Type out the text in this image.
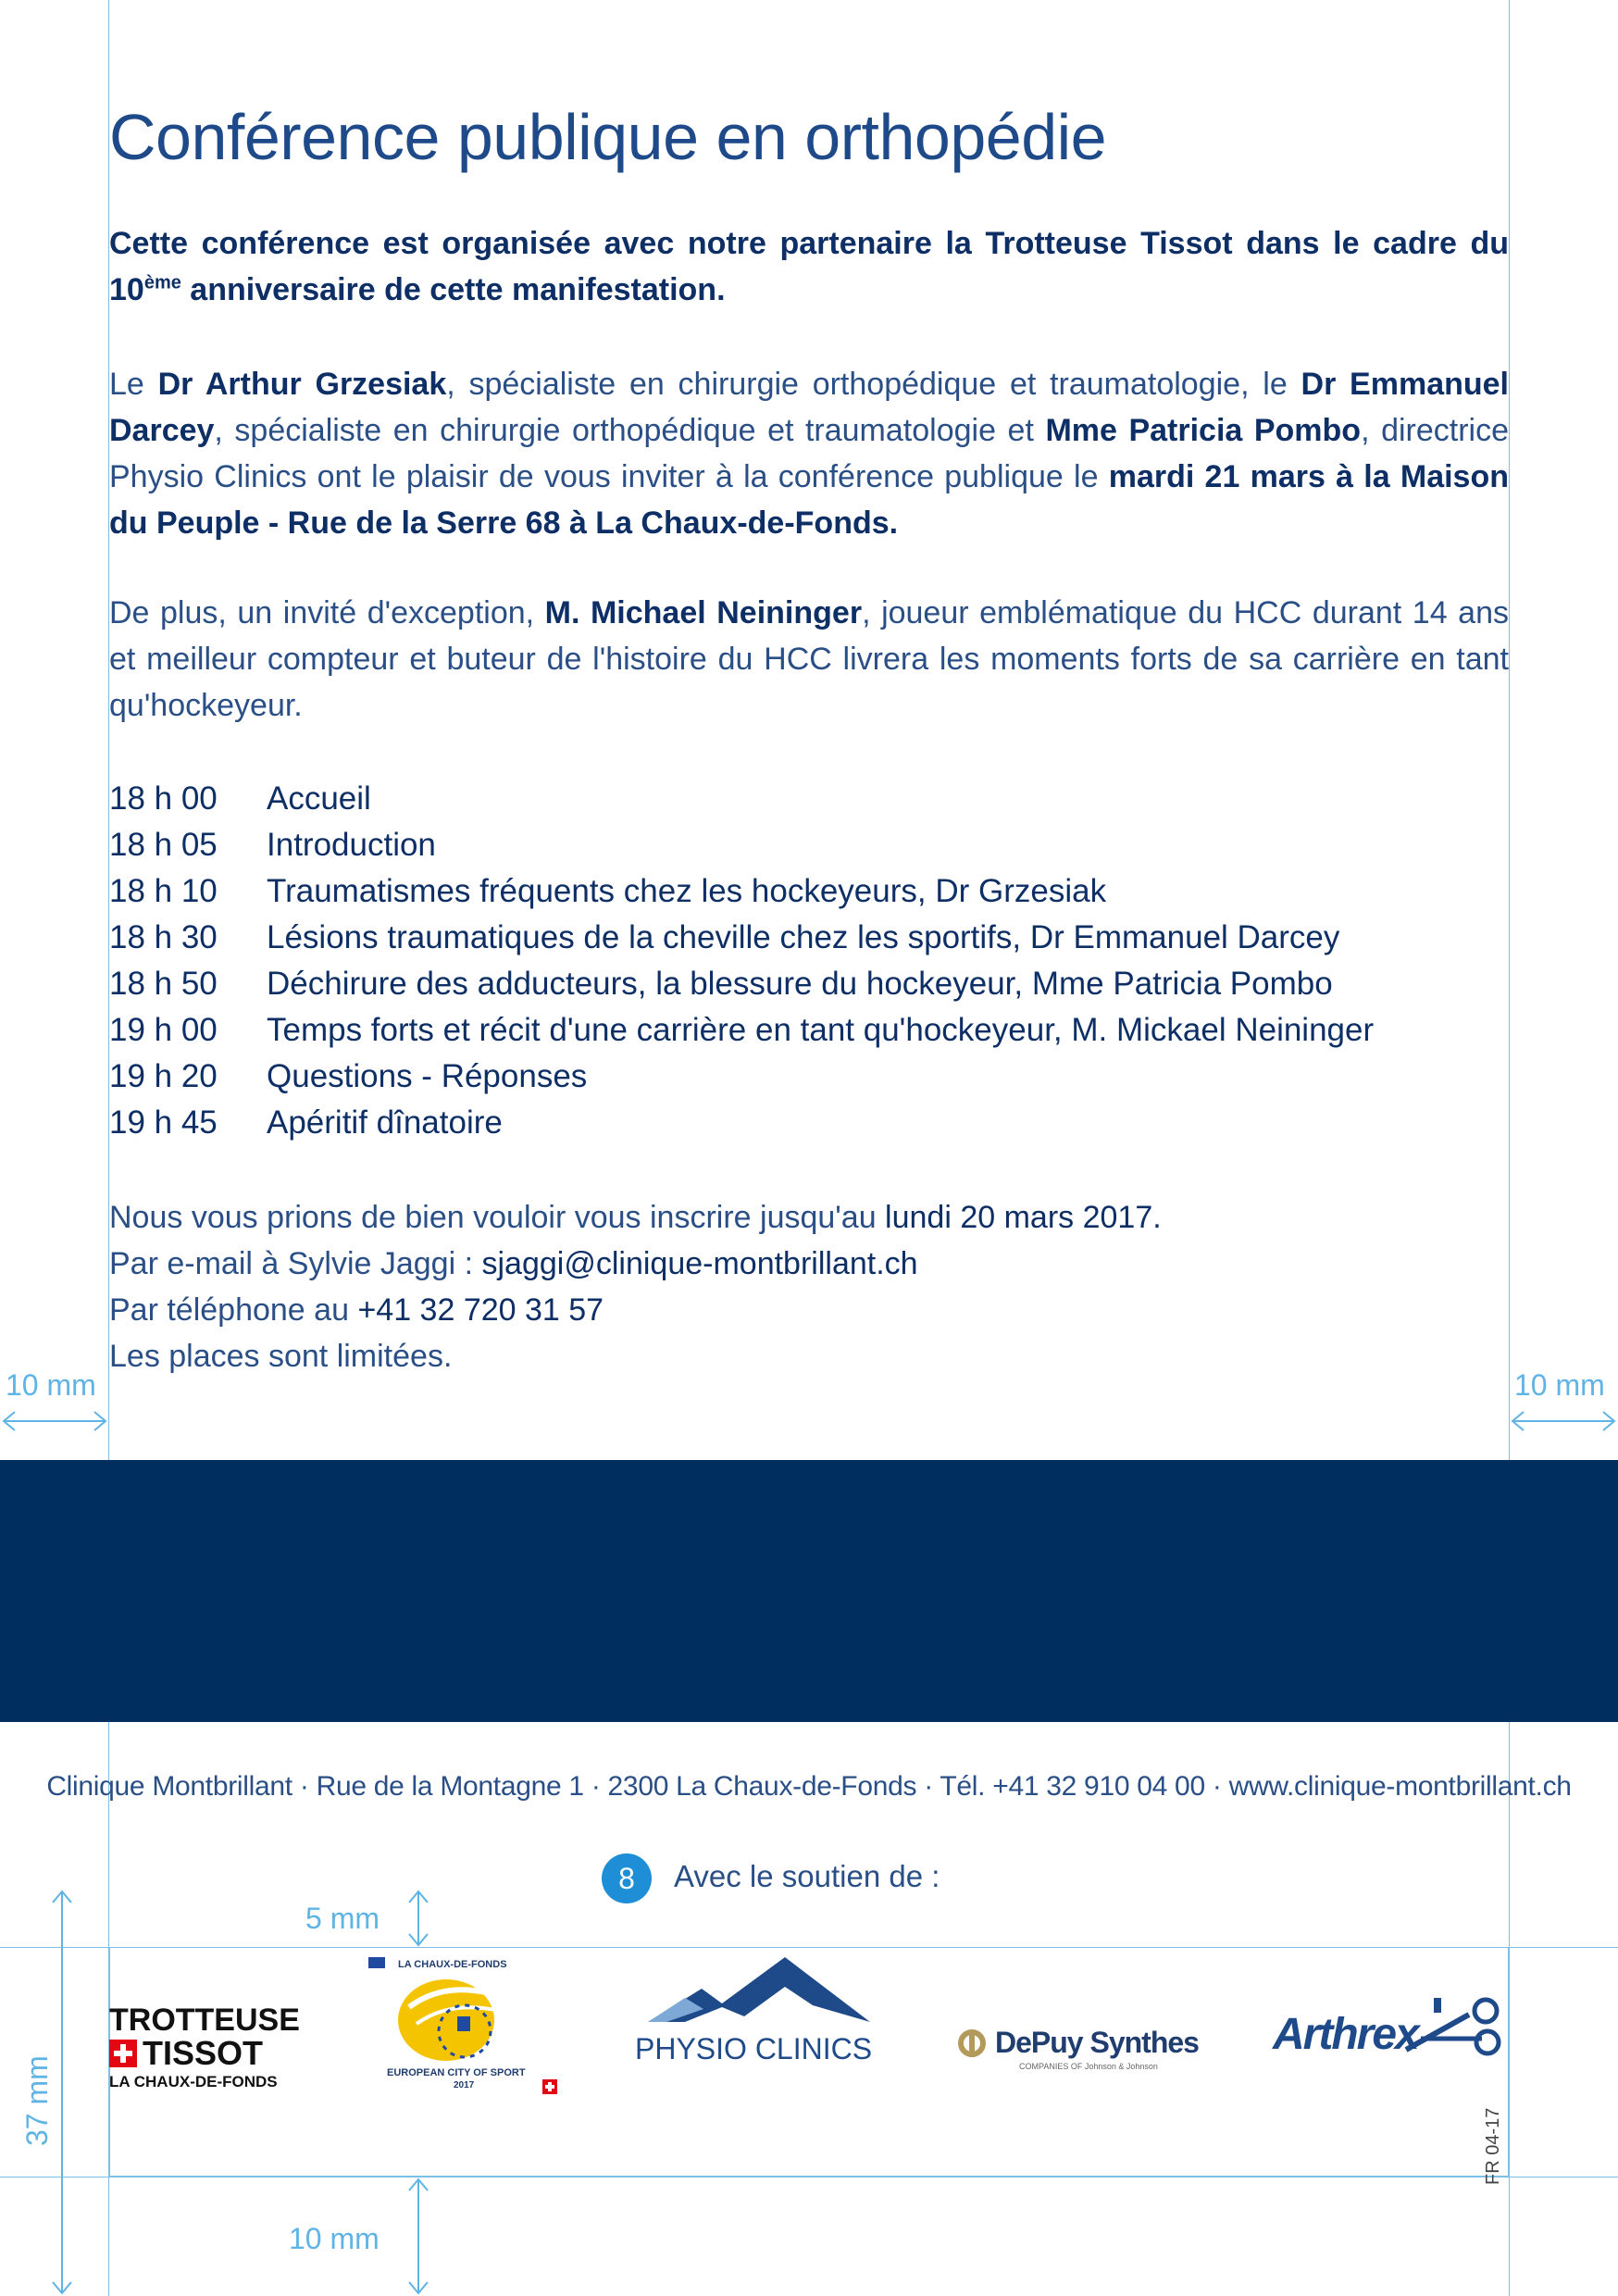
Conférence publique en orthopédie

Cette conférence est organisée avec notre partenaire la Trotteuse Tissot dans le cadre du 10ème anniversaire de cette manifestation.

Le Dr Arthur Grzesiak, spécialiste en chirurgie orthopédique et traumatologie, le Dr Emmanuel Darcey, spécialiste en chirurgie orthopédique et traumatologie et Mme Patricia Pombo, directrice Physio Clinics ont le plaisir de vous inviter à la conférence publique le mardi 21 mars à la Maison du Peuple - Rue de la Serre 68 à La Chaux-de-Fonds.

De plus, un invité d'exception, M. Michael Neininger, joueur emblématique du HCC durant 14 ans et meilleur compteur et buteur de l'histoire du HCC livrera les moments forts de sa carrière en tant qu'hockeyeur.

18 h 00	Accueil
18 h 05	Introduction
18 h 10	Traumatismes fréquents chez les hockeyeurs, Dr Grzesiak
18 h 30	Lésions traumatiques de la cheville chez les sportifs, Dr Emmanuel Darcey
18 h 50	Déchirure des adducteurs, la blessure du hockeyeur, Mme Patricia Pombo
19 h 00	Temps forts et récit d'une carrière en tant qu'hockeyeur, M. Mickael Neininger
19 h 20	Questions - Réponses
19 h 45	Apéritif dînatoire
Nous vous prions de bien vouloir vous inscrire jusqu'au lundi 20 mars 2017.
Par e-mail à Sylvie Jaggi : sjaggi@clinique-montbrillant.ch
Par téléphone au +41 32 720 31 57
Les places sont limitées.
10 mm	10 mm
Clinique Montbrillant · Rue de la Montagne 1 · 2300 La Chaux-de-Fonds · Tél. +41 32 910 04 00 · www.clinique-montbrillant.ch
8	Avec le soutien de :
5 mm
37 mm
10 mm
TROTTEUSE
TISSOT
LA CHAUX-DE-FONDS
LA CHAUX-DE-FONDS
EUROPEAN CITY OF SPORT
2017
PHYSIO CLINICS	DePuy Synthes
COMPANIES OF Johnson & Johnson
Arthrex
FR 04-17
